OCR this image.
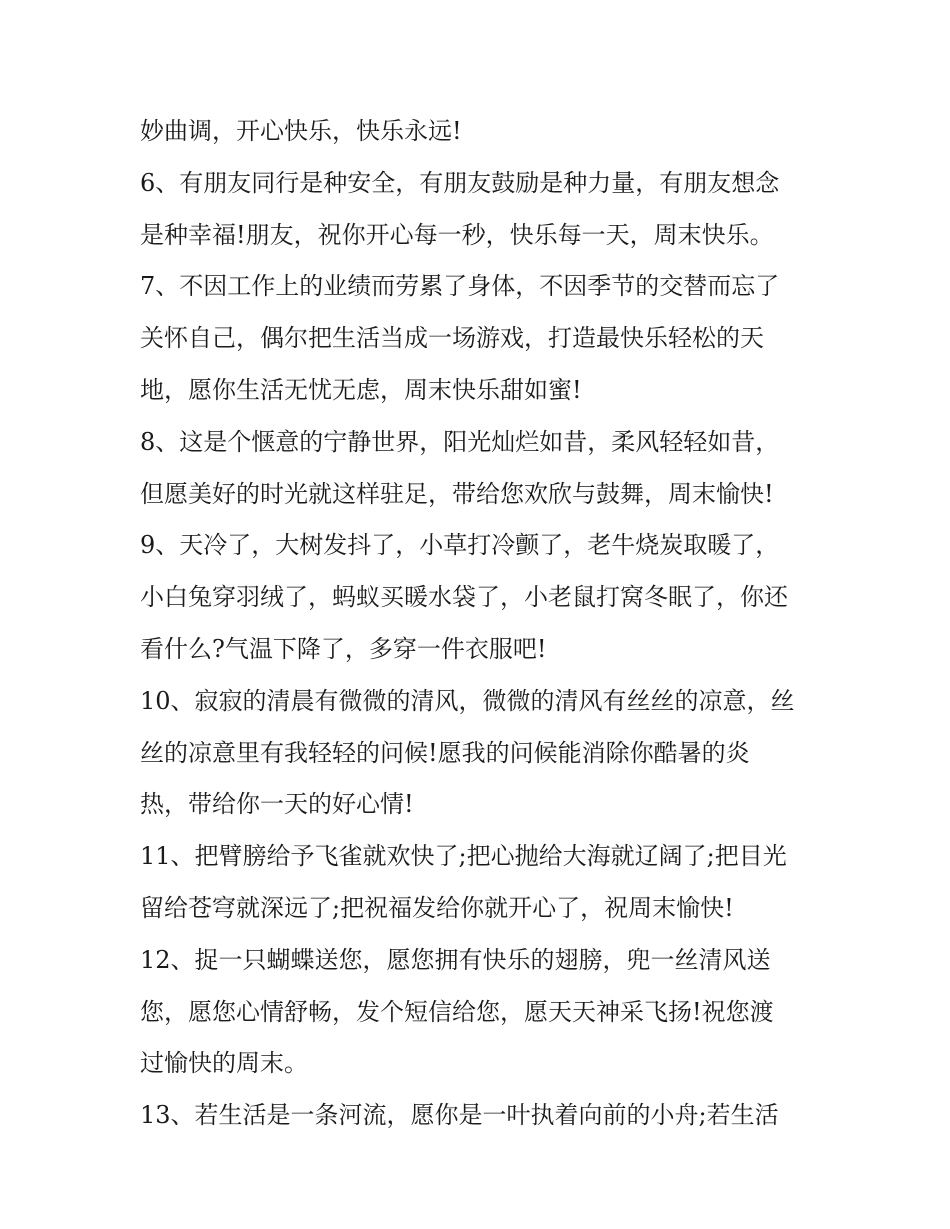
妙曲调，开心快乐，快乐永远!
6、有朋友同行是种安全，有朋友鼓励是种力量，有朋友想念
是种幸福!朋友，祝你开心每一秒，快乐每一天，周末快乐。
7、不因工作上的业绩而劳累了身体，不因季节的交替而忘了
关怀自己，偶尔把生活当成一场游戏，打造最快乐轻松的天
地，愿你生活无忧无虑，周末快乐甜如蜜!
8、这是个惬意的宁静世界，阳光灿烂如昔，柔风轻轻如昔，
但愿美好的时光就这样驻足，带给您欢欣与鼓舞，周末愉快!
9、天冷了，大树发抖了，小草打冷颤了，老牛烧炭取暖了，
小白兔穿羽绒了，蚂蚁买暖水袋了，小老鼠打窝冬眠了，你还
看什么?气温下降了，多穿一件衣服吧!
10、寂寂的清晨有微微的清风，微微的清风有丝丝的凉意，丝
丝的凉意里有我轻轻的问候!愿我的问候能消除你酷暑的炎
热，带给你一天的好心情!
11、把臂膀给予飞雀就欢快了;把心抛给大海就辽阔了;把目光
留给苍穹就深远了;把祝福发给你就开心了，祝周末愉快!
12、捉一只蝴蝶送您，愿您拥有快乐的翅膀，兜一丝清风送
您，愿您心情舒畅，发个短信给您，愿天天神采飞扬!祝您渡
过愉快的周末。
13、若生活是一条河流，愿你是一叶执着向前的小舟;若生活
